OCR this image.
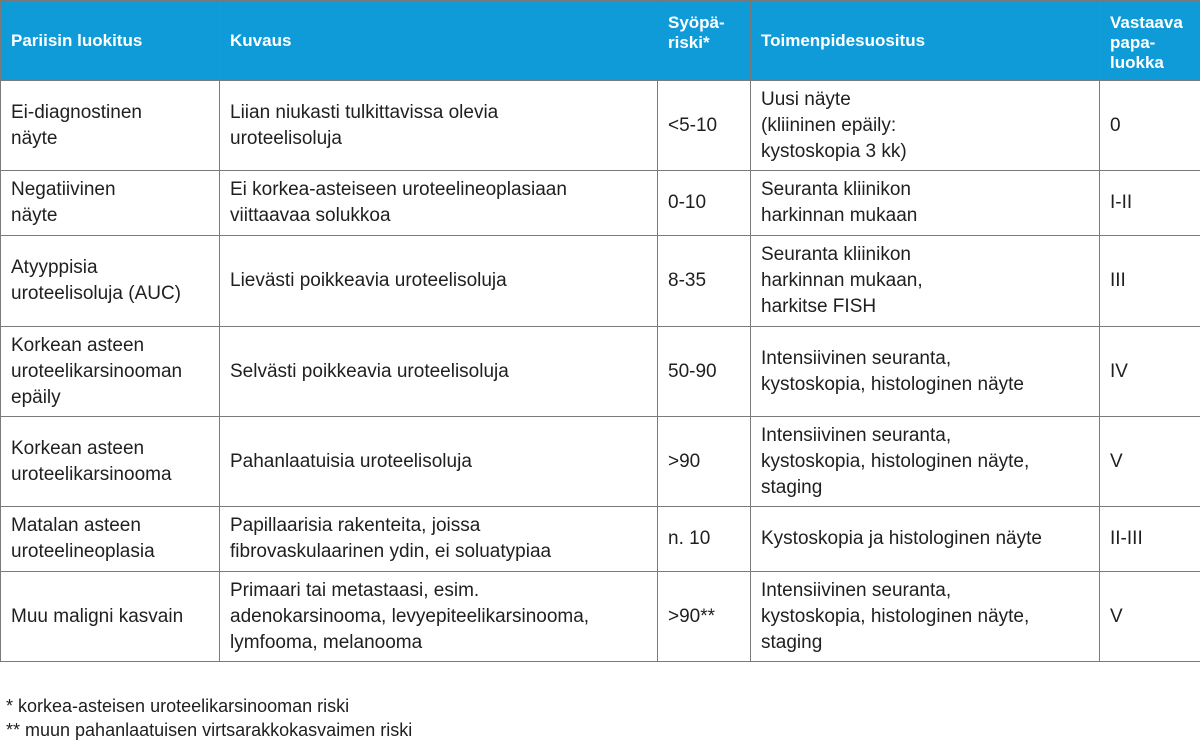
Pariisin luokitus	Kuvaus	Syöpä-
riski*	Toimenpidesuositus	Vastaava
papa-
luokka

Ei-diagnostinen
näyte	Liian niukasti tulkittavissa olevia
uroteelisoluja	<5-10	Uusi näyte
(kliininen epäily:
kystoskopia 3 kk)	0

Negatiivinen
näyte	Ei korkea-asteiseen uroteelineoplasiaan
viittaavaa solukkoa	0-10	Seuranta kliinikon
harkinnan mukaan	I-II

Atyyppisia
uroteelisoluja (AUC)	Lievästi poikkeavia uroteelisoluja	8-35	Seuranta kliinikon
harkinnan mukaan,
harkitse FISH	III

Korkean asteen
uroteelikarsinooman
epäily	Selvästi poikkeavia uroteelisoluja	50-90	Intensiivinen seuranta,
kystoskopia, histologinen näyte	IV

Korkean asteen
uroteelikarsinooma	Pahanlaatuisia uroteelisoluja	>90	Intensiivinen seuranta,
kystoskopia, histologinen näyte,
staging	V

Matalan asteen
uroteelineoplasia	Papillaarisia rakenteita, joissa
fibrovaskulaarinen ydin, ei soluatypiaa	n. 10	Kystoskopia ja histologinen näyte	II-III

Muu maligni kasvain	Primaari tai metastaasi, esim.
adenokarsinooma, levyepiteelikarsinooma,
lymfooma, melanooma	>90**	Intensiivinen seuranta,
kystoskopia, histologinen näyte,
staging	V
* korkea-asteisen uroteelikarsinooman riski
** muun pahanlaatuisen virtsarakkokasvaimen riski
